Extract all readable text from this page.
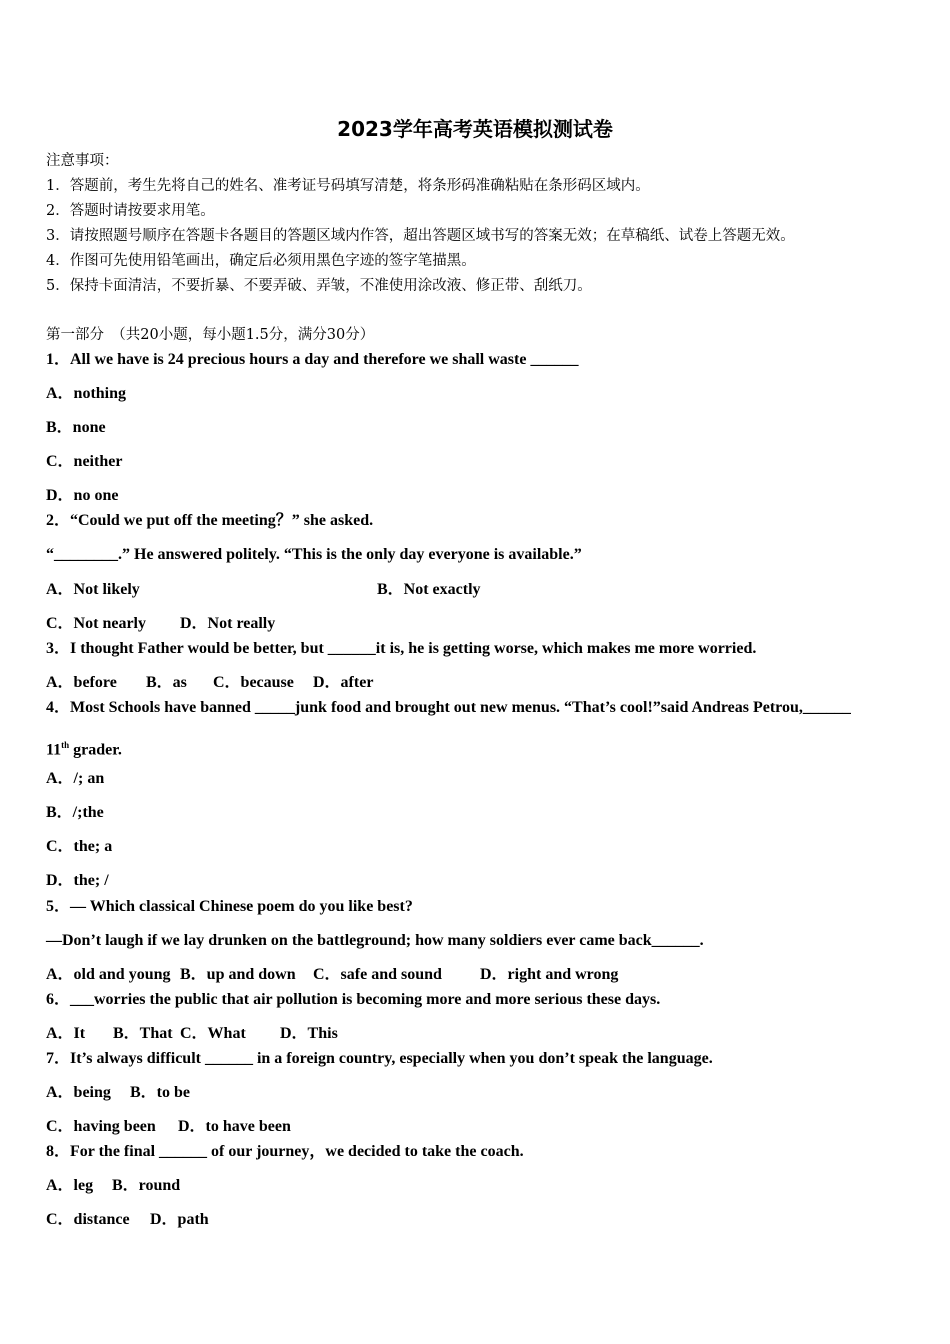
2023学年高考英语模拟测试卷
注意事项：
1．答题前，考生先将自己的姓名、准考证号码填写清楚，将条形码准确粘贴在条形码区域内。
2．答题时请按要求用笔。
3．请按照题号顺序在答题卡各题目的答题区域内作答，超出答题区域书写的答案无效；在草稿纸、试卷上答题无效。
4．作图可先使用铅笔画出，确定后必须用黑色字迹的签字笔描黑。
5．保持卡面清洁，不要折暴、不要弄破、弄皱，不准使用涂改液、修正带、刮纸刀。
第一部分　（共20小题，每小题1.5分，满分30分）
1．All we have is 24 precious hours a day and therefore we shall waste ______
A．nothing
B．none
C．neither
D．no one
2．“Could we put off the meeting？” she asked.
“________.” He answered politely. “This is the only day everyone is available.”
A．Not likely	B．Not exactly
C．Not nearly D．Not really
3．I thought Father would be better, but ______it is, he is getting worse, which makes me more worried.
A．before B．as C．because D．after
4．Most Schools have banned _____junk food and brought out new menus. “That’s cool!”said Andreas Petrou,______
11th grader.
A．/; an
B．/;the
C．the; a
D．the; /
5．— Which classical Chinese poem do you like best?
—Don’t laugh if we lay drunken on the battleground; how many soldiers ever came back______.
A．old and young B．up and down C．safe and sound D．right and wrong
6．___worries the public that air pollution is becoming more and more serious these days.
A．It B．That C．What D．This
7．It’s always difficult ______ in a foreign country, especially when you don’t speak the language.
A．being B．to be
C．having been D．to have been
8．For the final ______ of our journey，we decided to take the coach.
A．leg B．round
C．distance D．path
